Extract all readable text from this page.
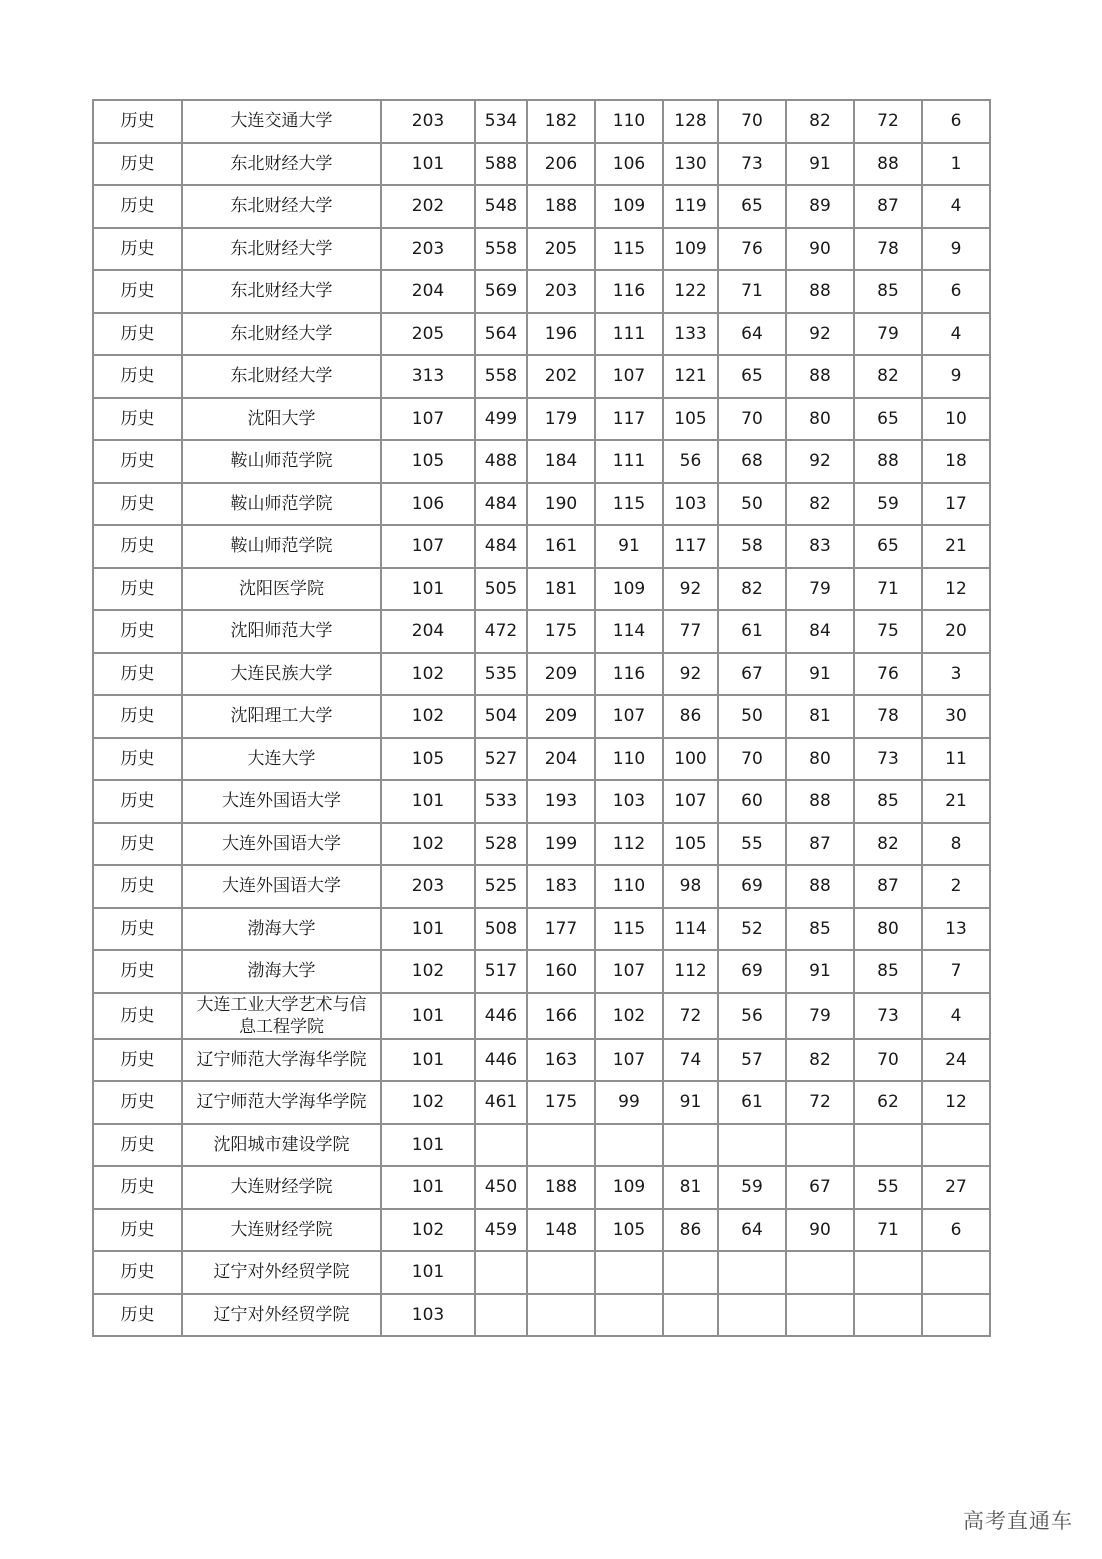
历史	大连交通大学	203	534	182	110	128	70	82	72	6
历史	东北财经大学	101	588	206	106	130	73	91	88	1
历史	东北财经大学	202	548	188	109	119	65	89	87	4
历史	东北财经大学	203	558	205	115	109	76	90	78	9
历史	东北财经大学	204	569	203	116	122	71	88	85	6
历史	东北财经大学	205	564	196	111	133	64	92	79	4
历史	东北财经大学	313	558	202	107	121	65	88	82	9
历史	沈阳大学	107	499	179	117	105	70	80	65	10
历史	鞍山师范学院	105	488	184	111	56	68	92	88	18
历史	鞍山师范学院	106	484	190	115	103	50	82	59	17
历史	鞍山师范学院	107	484	161	91	117	58	83	65	21
历史	沈阳医学院	101	505	181	109	92	82	79	71	12
历史	沈阳师范大学	204	472	175	114	77	61	84	75	20
历史	大连民族大学	102	535	209	116	92	67	91	76	3
历史	沈阳理工大学	102	504	209	107	86	50	81	78	30
历史	大连大学	105	527	204	110	100	70	80	73	11
历史	大连外国语大学	101	533	193	103	107	60	88	85	21
历史	大连外国语大学	102	528	199	112	105	55	87	82	8
历史	大连外国语大学	203	525	183	110	98	69	88	87	2
历史	渤海大学	101	508	177	115	114	52	85	80	13
历史	渤海大学	102	517	160	107	112	69	91	85	7
历史	大连工业大学艺术与信息工程学院	101	446	166	102	72	56	79	73	4
历史	辽宁师范大学海华学院	101	446	163	107	74	57	82	70	24
历史	辽宁师范大学海华学院	102	461	175	99	91	61	72	62	12
历史	沈阳城市建设学院	101								
历史	大连财经学院	101	450	188	109	81	59	67	55	27
历史	大连财经学院	102	459	148	105	86	64	90	71	6
历史	辽宁对外经贸学院	101								
历史	辽宁对外经贸学院	103								
高考直通车
